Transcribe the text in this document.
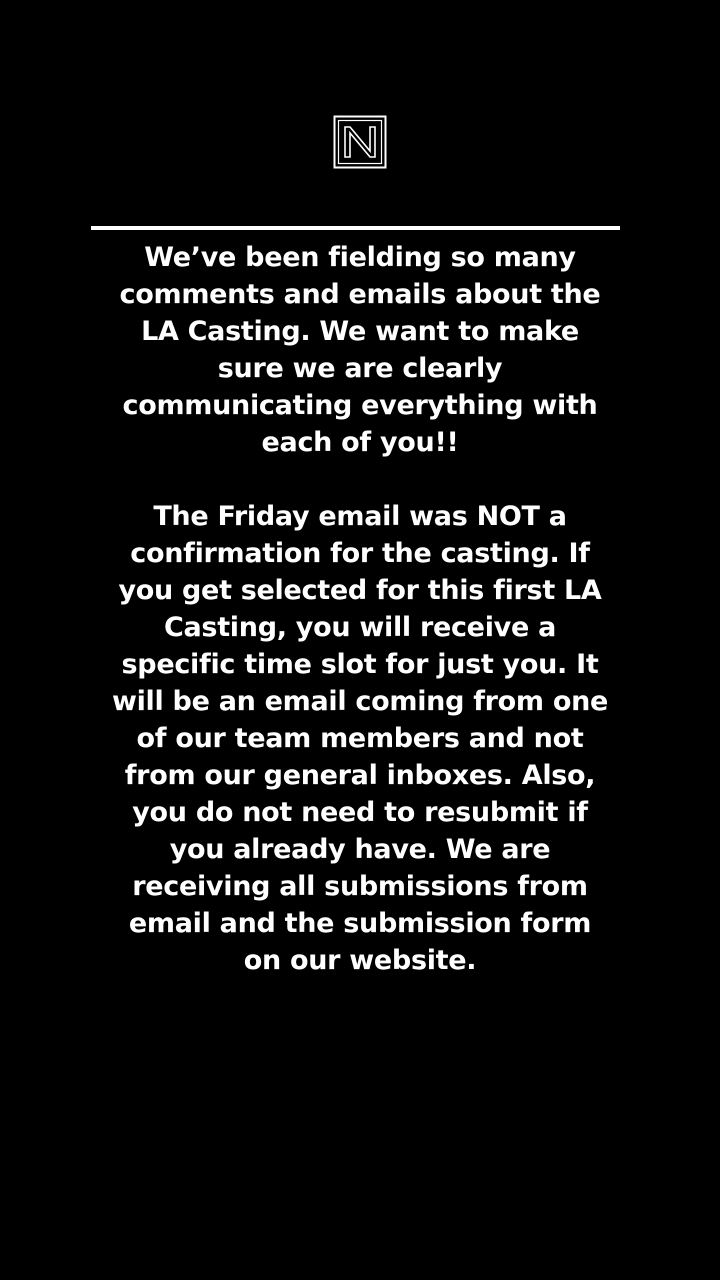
We’ve been fielding so many
comments and emails about the
LA Casting. We want to make
sure we are clearly
communicating everything with
each of you!!

The Friday email was NOT a
confirmation for the casting. If
you get selected for this first LA
Casting, you will receive a
specific time slot for just you. It
will be an email coming from one
of our team members and not
from our general inboxes. Also,
you do not need to resubmit if
you already have. We are
receiving all submissions from
email and the submission form
on our website.
